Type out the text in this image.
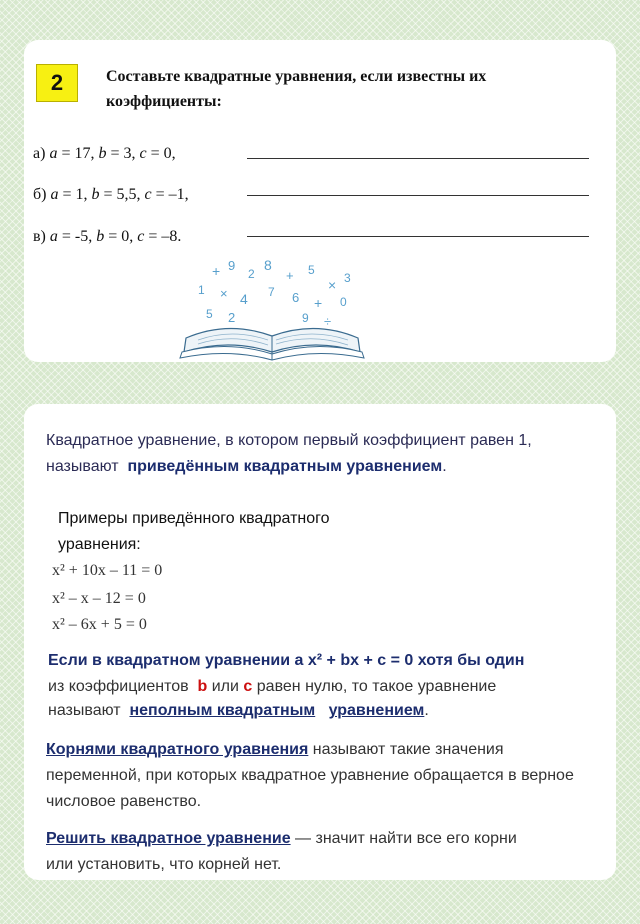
2	Составьте квадратные уравнения, если известны их коэффициенты:
а) a = 17, b = 3, c = 0,
б) a = 1, b = 5,5, c = –1,
в) a = -5, b = 0, c = –8.
+ 9
2
8
+ 5
× 3
1 × 4 7 6 + 0
5 2	9 ÷
Квадратное уравнение, в котором первый коэффициент равен 1, называют приведённым квадратным уравнением.
Примеры приведённого квадратного уравнения:
x² + 10x – 11 = 0
x² – x – 12 = 0
x² – 6x + 5 = 0
Если в квадратном уравнении a x² + bx + c = 0 хотя бы один
из коэффициентов b или c равен нулю, то такое уравнение
называют неполным квадратным уравнением.
Корнями квадратного уравнения называют такие значения переменной, при которых квадратное уравнение обращается в верное числовое равенство.
Решить квадратное уравнение — значит найти все его корни или установить, что корней нет.
